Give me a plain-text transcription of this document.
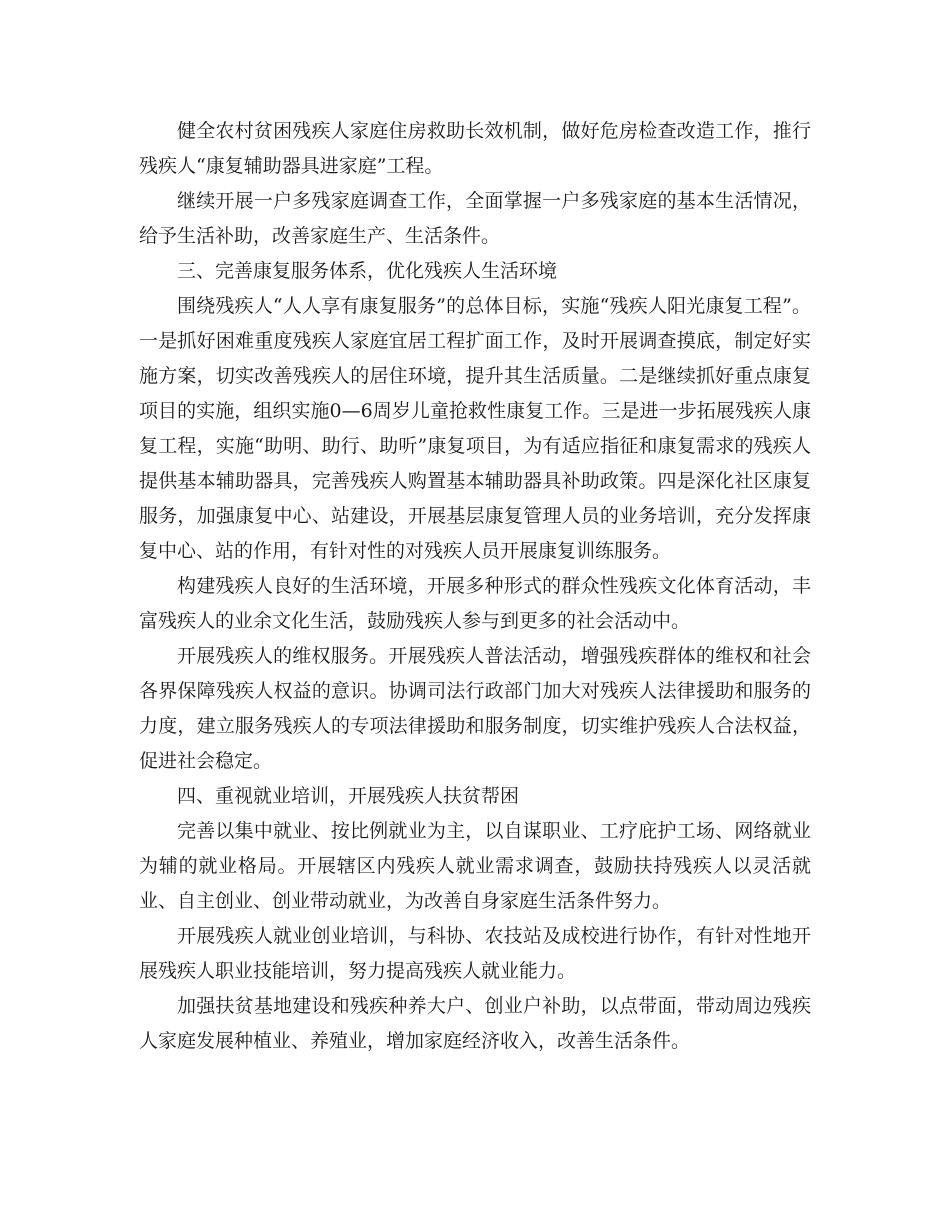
健全农村贫困残疾人家庭住房救助长效机制，做好危房检查改造工作，推行残疾人“康复辅助器具进家庭”工程。

继续开展一户多残家庭调查工作，全面掌握一户多残家庭的基本生活情况，给予生活补助，改善家庭生产、生活条件。

三、完善康复服务体系，优化残疾人生活环境

围绕残疾人“人人享有康复服务”的总体目标，实施“残疾人阳光康复工程”。一是抓好困难重度残疾人家庭宜居工程扩面工作，及时开展调查摸底，制定好实施方案，切实改善残疾人的居住环境，提升其生活质量。二是继续抓好重点康复项目的实施，组织实施0—6周岁儿童抢救性康复工作。三是进一步拓展残疾人康复工程，实施“助明、助行、助听”康复项目，为有适应指征和康复需求的残疾人提供基本辅助器具，完善残疾人购置基本辅助器具补助政策。四是深化社区康复服务，加强康复中心、站建设，开展基层康复管理人员的业务培训，充分发挥康复中心、站的作用，有针对性的对残疾人员开展康复训练服务。

构建残疾人良好的生活环境，开展多种形式的群众性残疾文化体育活动，丰富残疾人的业余文化生活，鼓励残疾人参与到更多的社会活动中。

开展残疾人的维权服务。开展残疾人普法活动，增强残疾群体的维权和社会各界保障残疾人权益的意识。协调司法行政部门加大对残疾人法律援助和服务的力度，建立服务残疾人的专项法律援助和服务制度，切实维护残疾人合法权益，促进社会稳定。

四、重视就业培训，开展残疾人扶贫帮困

完善以集中就业、按比例就业为主，以自谋职业、工疗庇护工场、网络就业为辅的就业格局。开展辖区内残疾人就业需求调查，鼓励扶持残疾人以灵活就业、自主创业、创业带动就业，为改善自身家庭生活条件努力。

开展残疾人就业创业培训，与科协、农技站及成校进行协作，有针对性地开展残疾人职业技能培训，努力提高残疾人就业能力。

加强扶贫基地建设和残疾种养大户、创业户补助，以点带面，带动周边残疾人家庭发展种植业、养殖业，增加家庭经济收入，改善生活条件。
